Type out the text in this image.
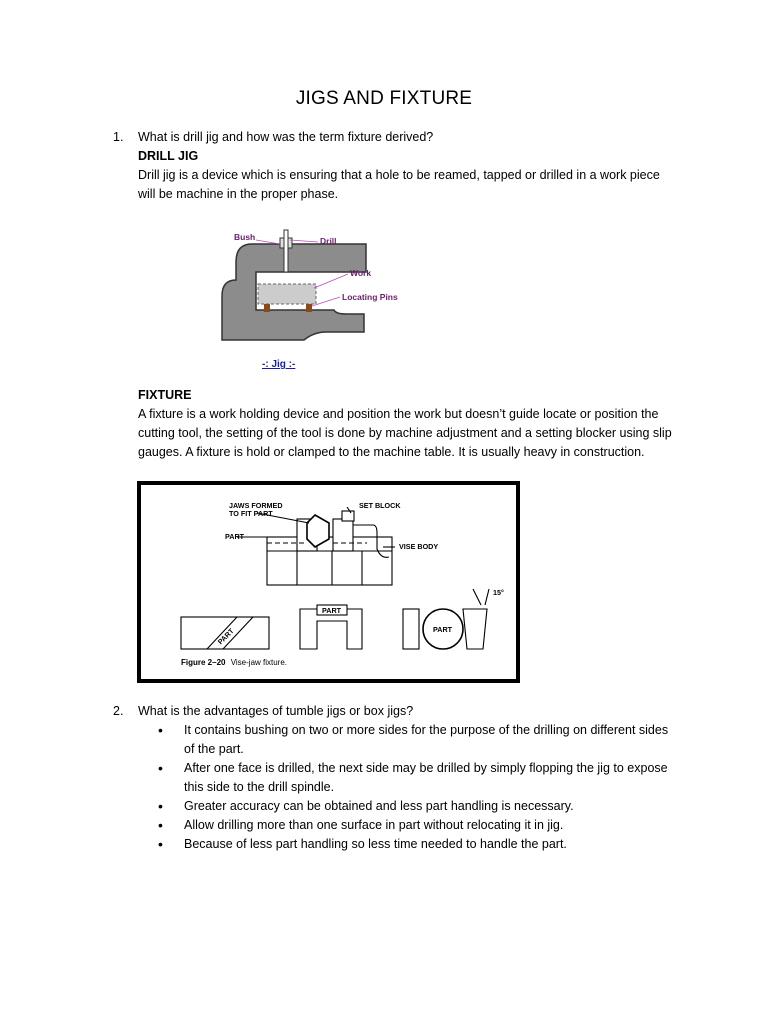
JIGS AND FIXTURE
1.	What is drill jig and how was the term fixture derived?
DRILL JIG
Drill jig is a device which is ensuring that a hole to be reamed, tapped or drilled in a work piece will be machine in the proper phase.
Bush	Drill
Work
Locating Pins
-: Jig :-
FIXTURE
A fixture is a work holding device and position the work but doesn’t guide locate or position the cutting tool, the setting of the tool is done by machine adjustment and a setting blocker using slip gauges. A fixture is hold or clamped to the machine table. It is usually heavy in construction.
JAWS FORMED
TO FIT PART
SET BLOCK
PART
VISE BODY
15°
PART
PART
PART
Figure 2–20 Vise-jaw fixture.
2.	What is the advantages of tumble jigs or box jigs?
• It contains bushing on two or more sides for the purpose of the drilling on different sides of the part.
• After one face is drilled, the next side may be drilled by simply flopping the jig to expose this side to the drill spindle.
• Greater accuracy can be obtained and less part handling is necessary.
• Allow drilling more than one surface in part without relocating it in jig.
• Because of less part handling so less time needed to handle the part.
